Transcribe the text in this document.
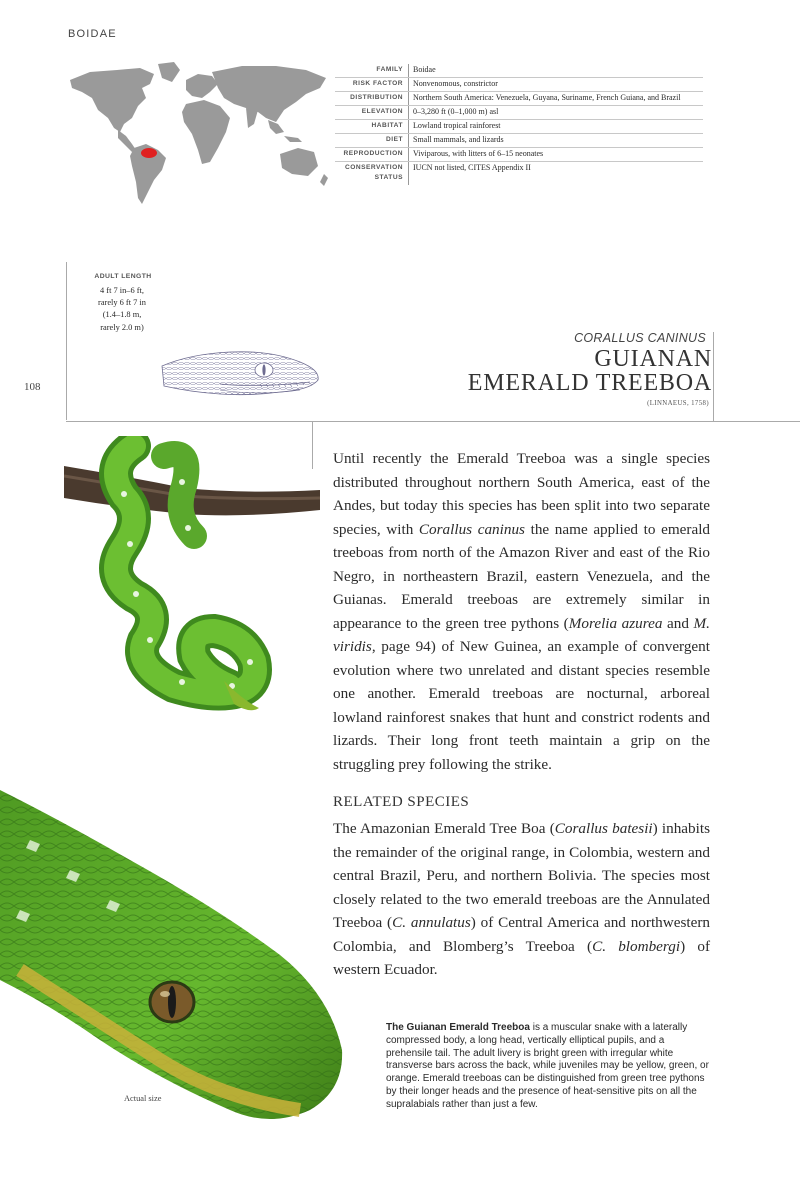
BOIDAE
FAMILY	Boidae
RISK FACTOR	Nonvenomous, constrictor
DISTRIBUTION	Northern South America: Venezuela, Guyana, Suriname, French Guiana, and Brazil
ELEVATION	0–3,280 ft (0–1,000 m) asl
HABITAT	Lowland tropical rainforest
DIET	Small mammals, and lizards
REPRODUCTION	Viviparous, with litters of 6–15 neonates
CONSERVATION STATUS	IUCN not listed, CITES Appendix II
ADULT LENGTH
4 ft 7 in–6 ft,
rarely 6 ft 7 in
(1.4–1.8 m,
rarely 2.0 m)
108
CORALLUS CANINUS
GUIANAN
EMERALD TREEBOA
(LINNAEUS, 1758)
Until recently the Emerald Treeboa was a single species distributed throughout northern South America, east of the Andes, but today this species has been split into two separate species, with Corallus caninus the name applied to emerald treeboas from north of the Amazon River and east of the Rio Negro, in northeastern Brazil, eastern Venezuela, and the Guianas. Emerald treeboas are extremely similar in appearance to the green tree pythons (Morelia azurea and M. viridis, page 94) of New Guinea, an example of convergent evolution where two unrelated and distant species resemble one another. Emerald treeboas are nocturnal, arboreal lowland rainforest snakes that hunt and constrict rodents and lizards. Their long front teeth maintain a grip on the struggling prey following the strike.
RELATED SPECIES
The Amazonian Emerald Tree Boa (Corallus batesii) inhabits the remainder of the original range, in Colombia, western and central Brazil, Peru, and northern Bolivia. The species most closely related to the two emerald treeboas are the Annulated Treeboa (C. annulatus) of Central America and northwestern Colombia, and Blomberg’s Treeboa (C. blombergi) of western Ecuador.
The Guianan Emerald Treeboa is a muscular snake with a laterally compressed body, a long head, vertically elliptical pupils, and a prehensile tail. The adult livery is bright green with irregular white transverse bars across the back, while juveniles may be yellow, green, or orange. Emerald treeboas can be distinguished from green tree pythons by their longer heads and the presence of heat-sensitive pits on all the supralabials rather than just a few.
Actual size
